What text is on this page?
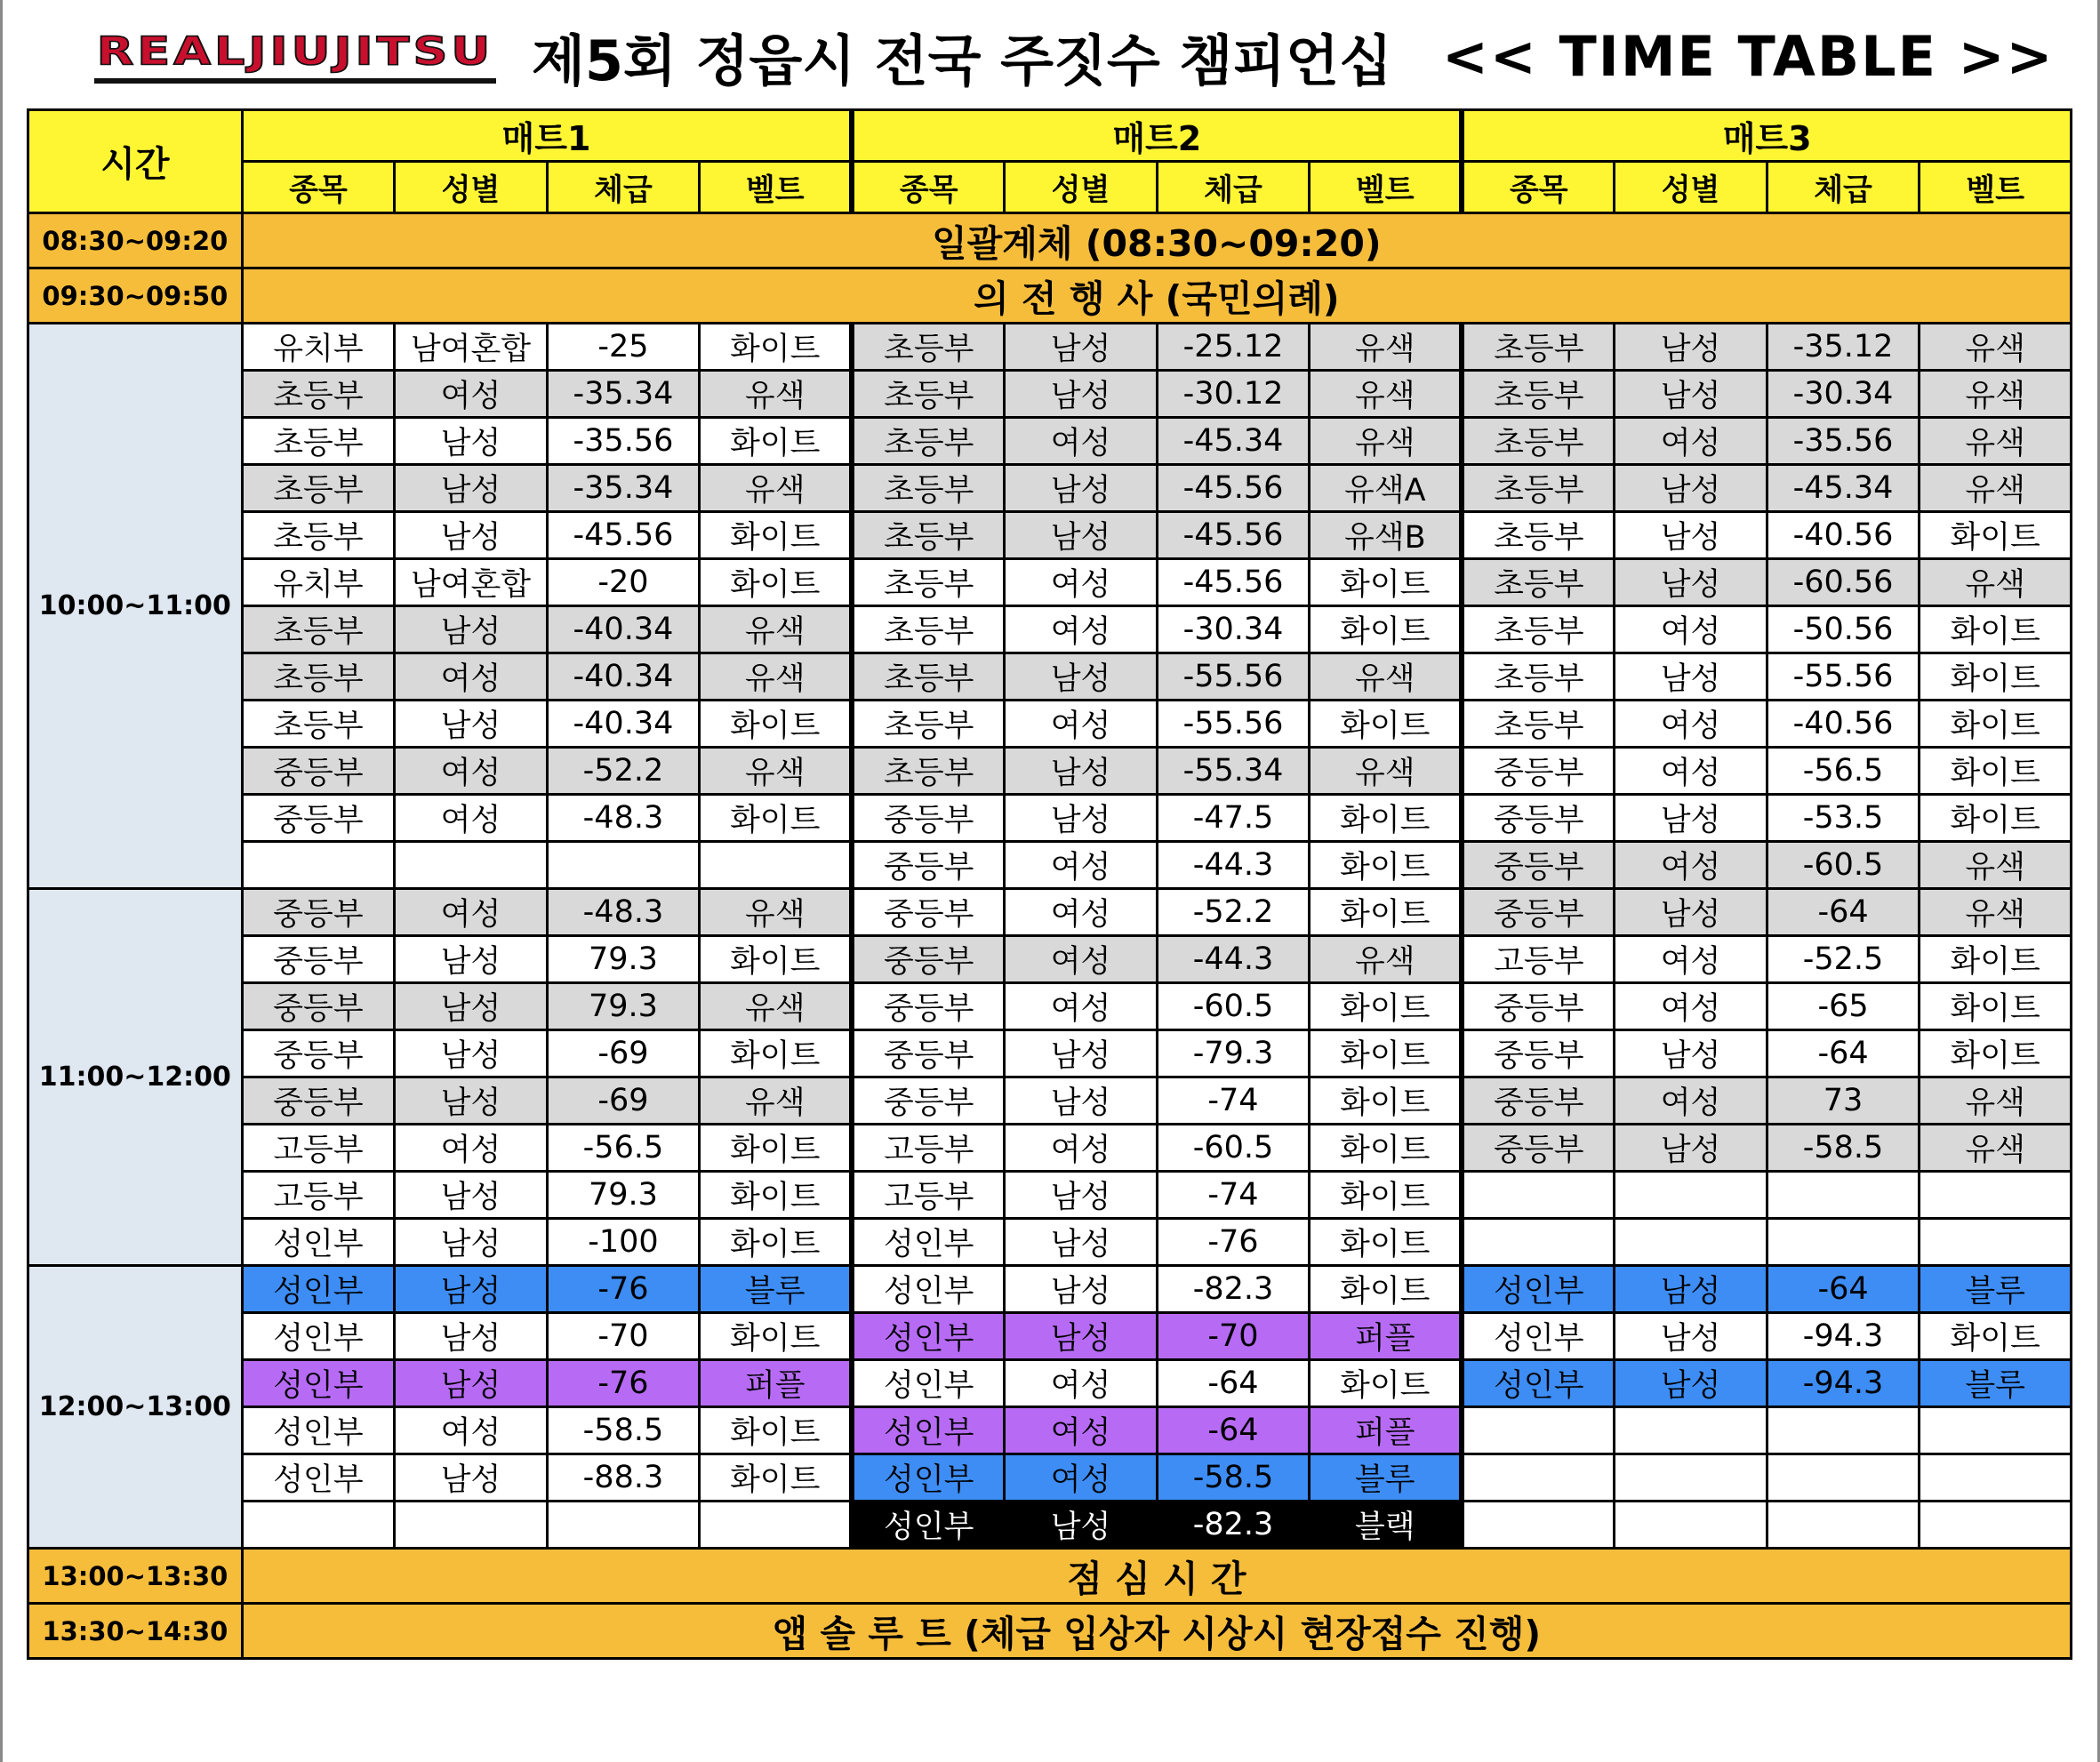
REALJIUJITSU 제5회 정읍시 전국 주짓수 챔피언십 << TIME TABLE >>
시간	매트1				매트2				매트3			
	종목	성별	체급	벨트	종목	성별	체급	벨트	종목	성별	체급	벨트
08:30~09:20	일괄계체 (08:30~09:20)											
09:30~09:50	의 전 행 사 (국민의례)											
10:00~11:00	유치부	남여혼합	-25	화이트	초등부	남성	-25.12	유색	초등부	남성	-35.12	유색
	초등부	여성	-35.34	유색	초등부	남성	-30.12	유색	초등부	남성	-30.34	유색
	초등부	남성	-35.56	화이트	초등부	여성	-45.34	유색	초등부	여성	-35.56	유색
	초등부	남성	-35.34	유색	초등부	남성	-45.56	유색A	초등부	남성	-45.34	유색
	초등부	남성	-45.56	화이트	초등부	남성	-45.56	유색B	초등부	남성	-40.56	화이트
	유치부	남여혼합	-20	화이트	초등부	여성	-45.56	화이트	초등부	남성	-60.56	유색
	초등부	남성	-40.34	유색	초등부	여성	-30.34	화이트	초등부	여성	-50.56	화이트
	초등부	여성	-40.34	유색	초등부	남성	-55.56	유색	초등부	남성	-55.56	화이트
	초등부	남성	-40.34	화이트	초등부	여성	-55.56	화이트	초등부	여성	-40.56	화이트
	중등부	여성	-52.2	유색	초등부	남성	-55.34	유색	중등부	여성	-56.5	화이트
	중등부	여성	-48.3	화이트	중등부	남성	-47.5	화이트	중등부	남성	-53.5	화이트
					중등부	여성	-44.3	화이트	중등부	여성	-60.5	유색
11:00~12:00	중등부	여성	-48.3	유색	중등부	여성	-52.2	화이트	중등부	남성	-64	유색
	중등부	남성	79.3	화이트	중등부	여성	-44.3	유색	고등부	여성	-52.5	화이트
	중등부	남성	79.3	유색	중등부	여성	-60.5	화이트	중등부	여성	-65	화이트
	중등부	남성	-69	화이트	중등부	남성	-79.3	화이트	중등부	남성	-64	화이트
	중등부	남성	-69	유색	중등부	남성	-74	화이트	중등부	여성	73	유색
	고등부	여성	-56.5	화이트	고등부	여성	-60.5	화이트	중등부	남성	-58.5	유색
	고등부	남성	79.3	화이트	고등부	남성	-74	화이트				
	성인부	남성	-100	화이트	성인부	남성	-76	화이트				
12:00~13:00	성인부	남성	-76	블루	성인부	남성	-82.3	화이트	성인부	남성	-64	블루
	성인부	남성	-70	화이트	성인부	남성	-70	퍼플	성인부	남성	-94.3	화이트
	성인부	남성	-76	퍼플	성인부	여성	-64	화이트	성인부	남성	-94.3	블루
	성인부	여성	-58.5	화이트	성인부	여성	-64	퍼플				
	성인부	남성	-88.3	화이트	성인부	여성	-58.5	블루				
					성인부	남성	-82.3	블랙				
13:00~13:30	점 심 시 간											
13:30~14:30	앱 솔 루 트 (체급 입상자 시상시 현장접수 진행)											
